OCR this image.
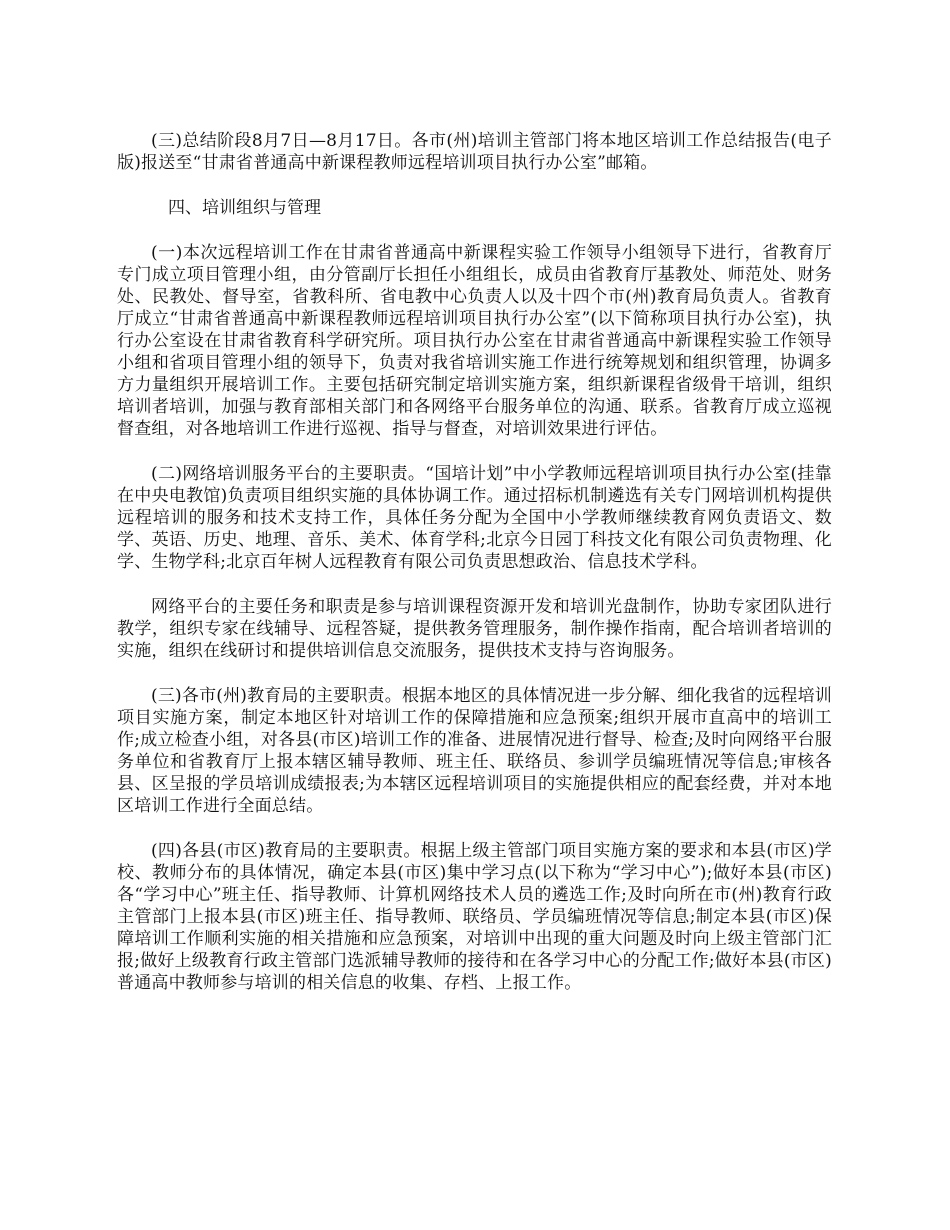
(三)总结阶段8月7日—8月17日。各市(州)培训主管部门将本地区培训工作总结报告(电子版)报送至“甘肃省普通高中新课程教师远程培训项目执行办公室”邮箱。

四、培训组织与管理

(一)本次远程培训工作在甘肃省普通高中新课程实验工作领导小组领导下进行，省教育厅专门成立项目管理小组，由分管副厅长担任小组组长，成员由省教育厅基教处、师范处、财务处、民教处、督导室，省教科所、省电教中心负责人以及十四个市(州)教育局负责人。省教育厅成立“甘肃省普通高中新课程教师远程培训项目执行办公室”(以下简称项目执行办公室)，执行办公室设在甘肃省教育科学研究所。项目执行办公室在甘肃省普通高中新课程实验工作领导小组和省项目管理小组的领导下，负责对我省培训实施工作进行统筹规划和组织管理，协调多方力量组织开展培训工作。主要包括研究制定培训实施方案，组织新课程省级骨干培训，组织培训者培训，加强与教育部相关部门和各网络平台服务单位的沟通、联系。省教育厅成立巡视督查组，对各地培训工作进行巡视、指导与督查，对培训效果进行评估。

(二)网络培训服务平台的主要职责。“国培计划”中小学教师远程培训项目执行办公室(挂靠在中央电教馆)负责项目组织实施的具体协调工作。通过招标机制遴选有关专门网培训机构提供远程培训的服务和技术支持工作，具体任务分配为全国中小学教师继续教育网负责语文、数学、英语、历史、地理、音乐、美术、体育学科;北京今日园丁科技文化有限公司负责物理、化学、生物学科;北京百年树人远程教育有限公司负责思想政治、信息技术学科。

网络平台的主要任务和职责是参与培训课程资源开发和培训光盘制作，协助专家团队进行教学，组织专家在线辅导、远程答疑，提供教务管理服务，制作操作指南，配合培训者培训的实施，组织在线研讨和提供培训信息交流服务，提供技术支持与咨询服务。

(三)各市(州)教育局的主要职责。根据本地区的具体情况进一步分解、细化我省的远程培训项目实施方案，制定本地区针对培训工作的保障措施和应急预案;组织开展市直高中的培训工作;成立检查小组，对各县(市区)培训工作的准备、进展情况进行督导、检查;及时向网络平台服务单位和省教育厅上报本辖区辅导教师、班主任、联络员、参训学员编班情况等信息;审核各县、区呈报的学员培训成绩报表;为本辖区远程培训项目的实施提供相应的配套经费，并对本地区培训工作进行全面总结。

(四)各县(市区)教育局的主要职责。根据上级主管部门项目实施方案的要求和本县(市区)学校、教师分布的具体情况，确定本县(市区)集中学习点(以下称为“学习中心”);做好本县(市区)各“学习中心”班主任、指导教师、计算机网络技术人员的遴选工作;及时向所在市(州)教育行政主管部门上报本县(市区)班主任、指导教师、联络员、学员编班情况等信息;制定本县(市区)保障培训工作顺利实施的相关措施和应急预案，对培训中出现的重大问题及时向上级主管部门汇报;做好上级教育行政主管部门选派辅导教师的接待和在各学习中心的分配工作;做好本县(市区)普通高中教师参与培训的相关信息的收集、存档、上报工作。
